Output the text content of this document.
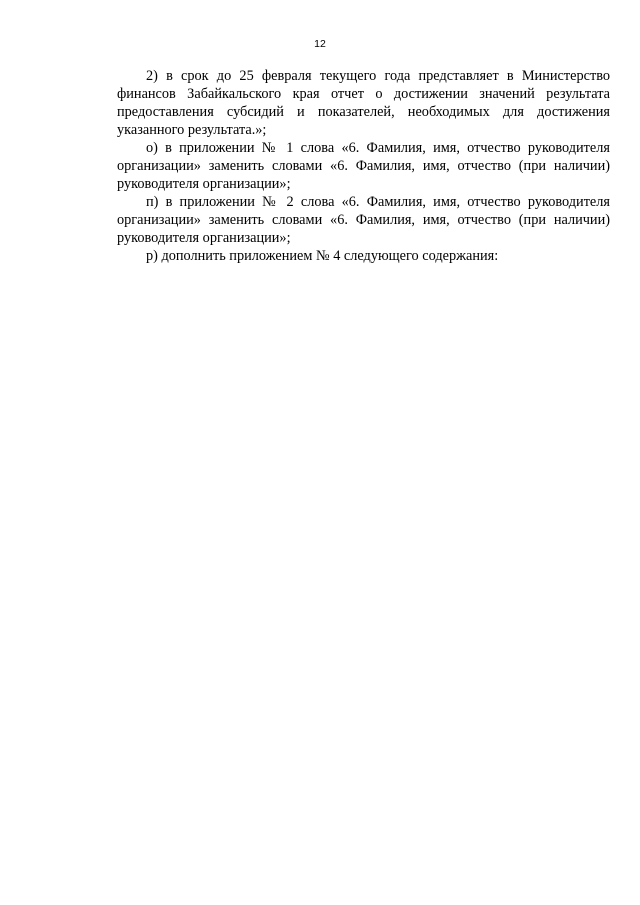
12

2) в срок до 25 февраля текущего года представляет в Министерство финансов Забайкальского края отчет о достижении значений результата предоставления субсидий и показателей, необходимых для достижения указанного результата.»;

о) в приложении № 1 слова «6. Фамилия, имя, отчество руководителя организации» заменить словами «6. Фамилия, имя, отчество (при наличии) руководителя организации»;

п) в приложении № 2 слова «6. Фамилия, имя, отчество руководителя организации» заменить словами «6. Фамилия, имя, отчество (при наличии) руководителя организации»;

р) дополнить приложением № 4 следующего содержания:
